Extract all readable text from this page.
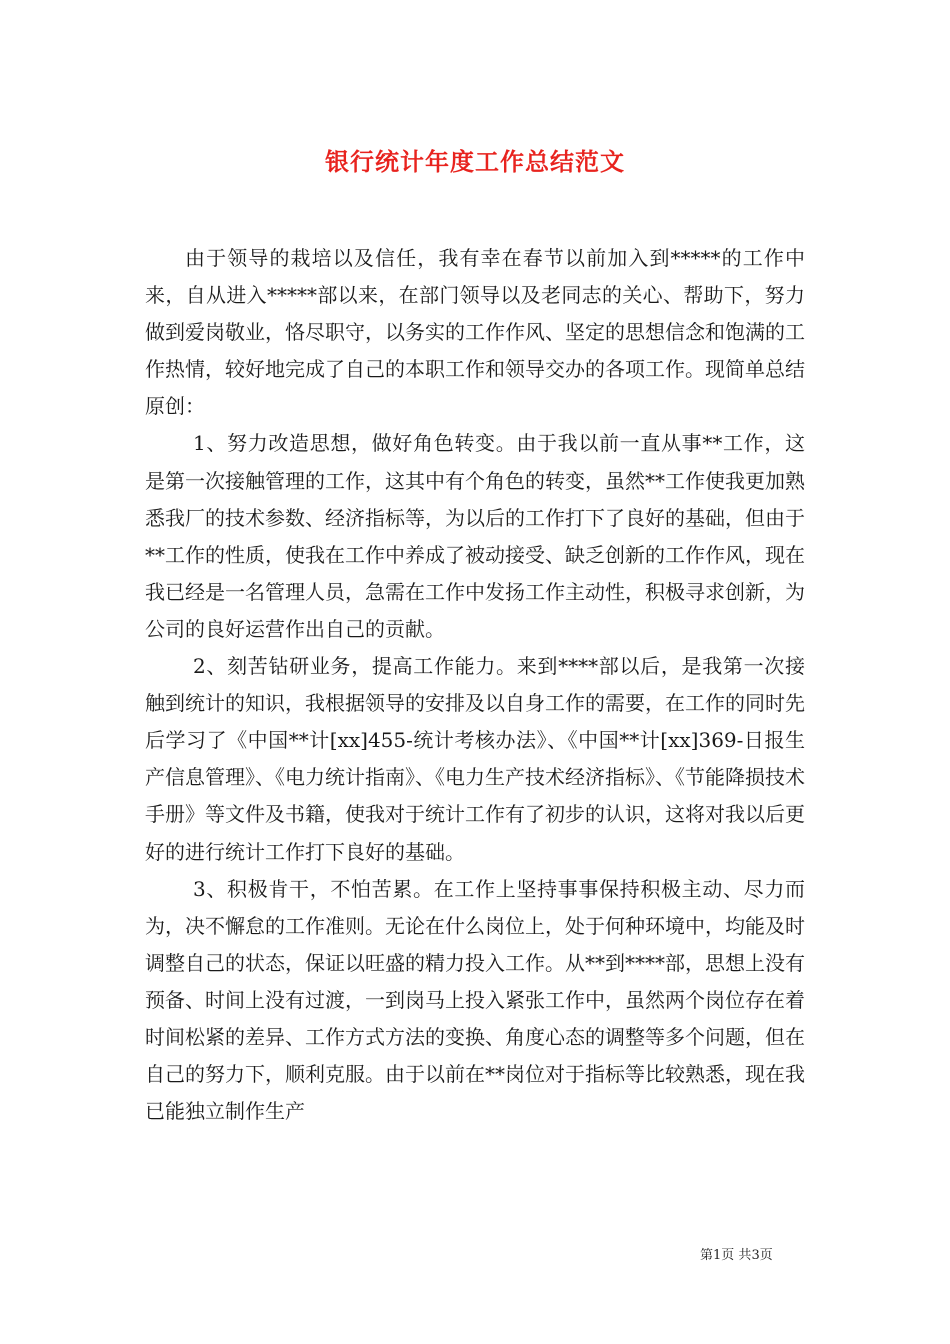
银行统计年度工作总结范文

由于领导的栽培以及信任，我有幸在春节以前加入到*****的工作中来，自从进入*****部以来，在部门领导以及老同志的关心、帮助下，努力做到爱岗敬业，恪尽职守，以务实的工作作风、坚定的思想信念和饱满的工作热情，较好地完成了自己的本职工作和领导交办的各项工作。现简单总结原创：

1、努力改造思想，做好角色转变。由于我以前一直从事**工作，这是第一次接触管理的工作，这其中有个角色的转变，虽然**工作使我更加熟悉我厂的技术参数、经济指标等，为以后的工作打下了良好的基础，但由于**工作的性质，使我在工作中养成了被动接受、缺乏创新的工作作风，现在我已经是一名管理人员，急需在工作中发扬工作主动性，积极寻求创新，为公司的良好运营作出自己的贡献。

2、刻苦钻研业务，提高工作能力。来到****部以后，是我第一次接触到统计的知识，我根据领导的安排及以自身工作的需要，在工作的同时先后学习了《中国**计[xx]455-统计考核办法》、《中国**计[xx]369-日报生产信息管理》、《电力统计指南》、《电力生产技术经济指标》、《节能降损技术手册》等文件及书籍，使我对于统计工作有了初步的认识，这将对我以后更好的进行统计工作打下良好的基础。

3、积极肯干，不怕苦累。在工作上坚持事事保持积极主动、尽力而为，决不懈怠的工作准则。无论在什么岗位上，处于何种环境中，均能及时调整自己的状态，保证以旺盛的精力投入工作。从**到****部，思想上没有预备、时间上没有过渡，一到岗马上投入紧张工作中，虽然两个岗位存在着时间松紧的差异、工作方式方法的变换、角度心态的调整等多个问题，但在自己的努力下，顺利克服。由于以前在**岗位对于指标等比较熟悉，现在我已能独立制作生产

第1页 共3页
